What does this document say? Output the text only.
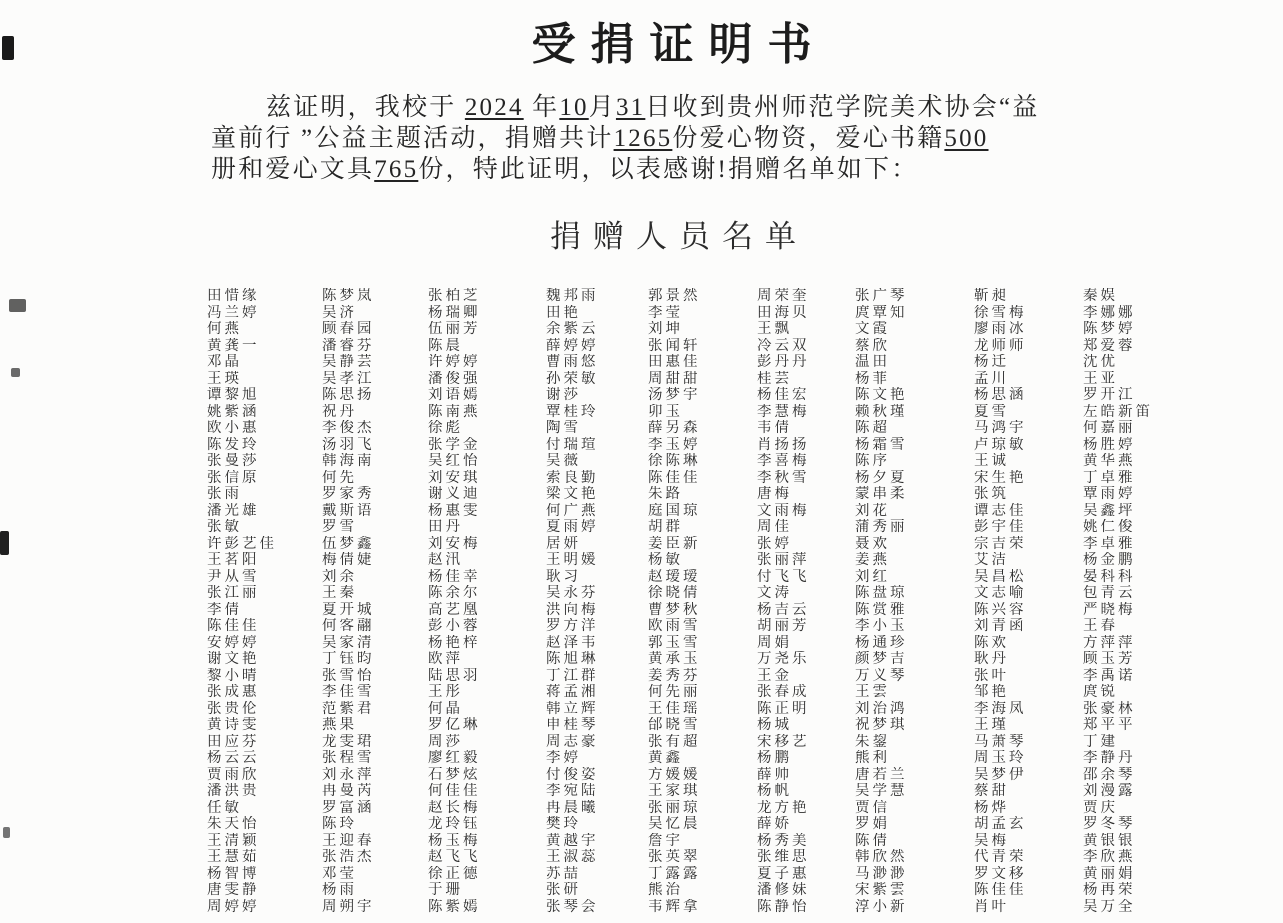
受捐证明书
兹证明，我校于 2024 年10月31日收到贵州师范学院美术协会“益
童前行 ”公益主题活动，捐赠共计1265份爱心物资，爱心书籍500
册和爱心文具765份，特此证明，以表感谢!捐赠名单如下：
捐赠人员名单
田惜缘	陈梦岚	张柏芝	魏邦雨	郭景然	周荣奎	张广琴	靳昶	秦娱
冯兰婷	吴济	杨瑞卿	田艳	李莹	田海贝	庹覃知	徐雪梅	李娜娜
何燕	顾春园	伍丽芳	余紫云	刘坤	王飘	文霞	廖雨冰	陈梦婷
黄龚一	潘睿芬	陈晨	薛婷婷	张闻轩	冷云双	蔡欣	龙师师	郑爱蓉
邓晶	吴静芸	许婷婷	曹雨悠	田惠佳	彭丹丹	温田	杨迁	沈优
王瑛	吴孝江	潘俊强	孙荣敏	周甜甜	桂芸	杨菲	孟川	王亚
谭黎旭	陈思扬	刘语嫣	谢莎	汤梦宇	杨佳宏	陈文艳	杨思涵	罗开江
姚紫涵	祝丹	陈南燕	覃桂玲	卯玉	李慧梅	赖秋瑾	夏雪	左皓新笛
欧小惠	李俊杰	徐彪	陶雪	薛另森	韦倩	陈超	马鸿宇	何嘉丽
陈发玲	汤羽飞	张学金	付瑞瑄	李玉婷	肖扬扬	杨霜雪	卢琼敏	杨胜婷
张曼莎	韩海南	吴红怡	吴薇	徐陈琳	李喜梅	陈序	王诚	黄华燕
张信原	何先	刘安琪	索良勤	陈佳佳	李秋雪	杨夕夏	宋生艳	丁卓雅
张雨	罗家秀	谢义迪	梁文艳	朱路	唐梅	蒙串柔	张筑	覃雨婷
潘光雄	戴斯语	杨惠雯	何广燕	庭国琼	文雨梅	刘花	谭志佳	吴鑫坪
张敏	罗雪	田丹	夏雨婷	胡群	周佳	蒲秀丽	彭宇佳	姚仁俊
许彭艺佳	伍梦鑫	刘安梅	居妍	姜臣新	张婷	聂欢	宗吉荣	李卓雅
王茗阳	梅倩婕	赵汛	王明媛	杨敏	张丽萍	姜燕	艾洁	杨金鹏
尹从雪	刘余	杨佳幸	耿习	赵瑷瑷	付飞飞	刘红	吴昌松	晏科科
张江丽	王秦	陈余尔	吴永芬	徐晓倩	文涛	陈盘琼	文志喻	包青云
李倩	夏开城	高艺凰	洪向梅	曹梦秋	杨吉云	陈赏雅	陈兴容	严晓梅
陈佳佳	何客翮	彭小蓉	罗方洋	欧雨雪	胡丽芳	李小玉	刘青函	王春
安婷婷	吴家清	杨艳梓	赵泽韦	郭玉雪	周娟	杨通珍	陈欢	方萍萍
谢文艳	丁钰昀	欧萍	陈旭琳	黄承玉	万尧乐	颜梦吉	耿丹	顾玉芳
黎小晴	张雪怡	陆思羽	丁江群	姜秀芬	王金	万义琴	张叶	李禹诺
张成惠	李佳雪	王彤	蒋孟湘	何先丽	张春成	王雲	邹艳	庹锐
张贵伦	范紫君	何晶	韩立辉	王佳瑶	陈正明	刘治鸿	李海凤	张豪林
黄诗雯	燕果	罗亿琳	申桂琴	邰晓雪	杨城	祝梦琪	王瑾	郑平平
田应芬	龙雯珺	周莎	周志豪	张有超	宋移艺	朱鋆	马萧琴	丁建
杨云云	张程雪	廖红毅	李婷	黄鑫	杨鹏	熊利	周玉玲	李静丹
贾雨欣	刘永萍	石梦炫	付俊姿	方媛媛	薛帅	唐若兰	吴梦伊	邵余琴
潘洪贵	冉曼芮	何佳佳	李宛陆	王家琪	杨帆	吴学慧	蔡甜	刘漫露
任敏	罗富涵	赵长梅	冉晨曦	张丽琼	龙方艳	贾信	杨烨	贾庆
朱天怡	陈玲	龙玲钰	樊玲	吴忆晨	薛娇	罗娟	胡孟玄	罗冬琴
王清颖	王迎春	杨玉梅	黄越宇	詹宇	杨秀美	陈倩	吴梅	黄银银
王慧茹	张浩杰	赵飞飞	王淑蕊	张英翠	张维思	韩欣然	代青荣	李欣燕
杨智博	邓莹	徐正德	苏喆	丁露露	夏子惠	马渺渺	罗文移	黄丽娟
唐雯静	杨雨	于珊	张研	熊治	潘修妹	宋紫雲	陈佳佳	杨再荣
周婷婷	周朔宇	陈紫嫣	张琴会	韦辉拿	陈静怡	淳小新	肖叶	吴万全
